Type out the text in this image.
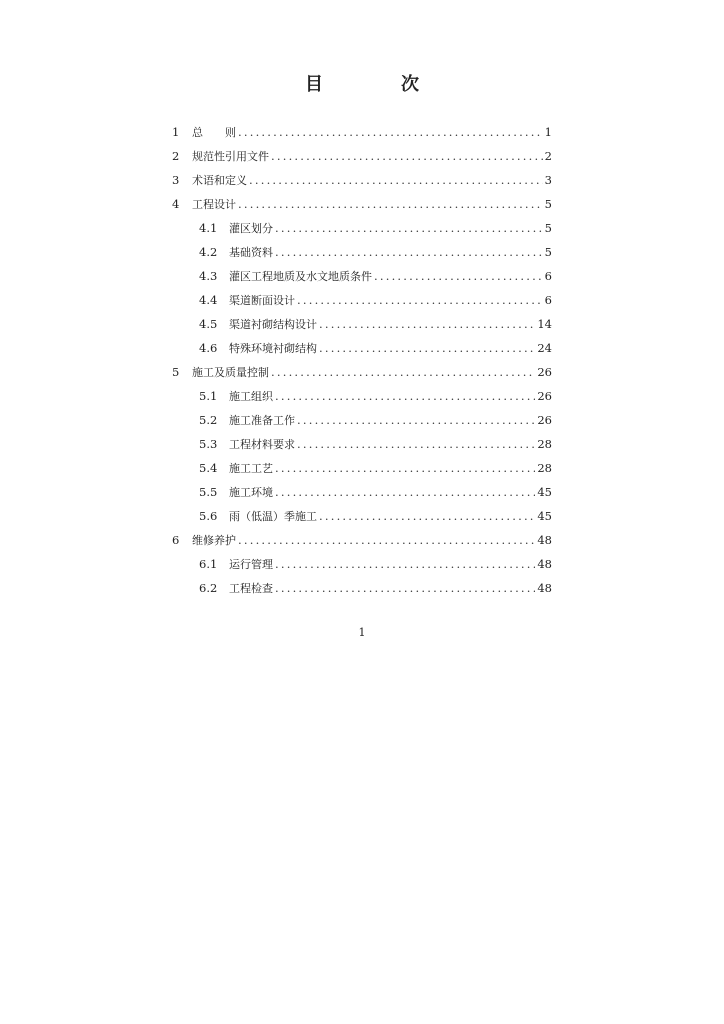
目　次
1	总　　则 .....	1
2	规范性引用文件 .....	2
3	术语和定义 .....	3
4	工程设计 .....	5
4.1	灌区划分 .....	5
4.2	基础资料 .....	5
4.3	灌区工程地质及水文地质条件 .....	6
4.4	渠道断面设计 .....	6
4.5	渠道衬砌结构设计 .....	14
4.6	特殊环境衬砌结构 .....	24
5	施工及质量控制 .....	26
5.1	施工组织 .....	26
5.2	施工准备工作 .....	26
5.3	工程材料要求 .....	28
5.4	施工工艺 .....	28
5.5	施工环境 .....	45
5.6	雨（低温）季施工 .....	45
6	维修养护 .....	48
6.1	运行管理 .....	48
6.2	工程检查 .....	48
1
